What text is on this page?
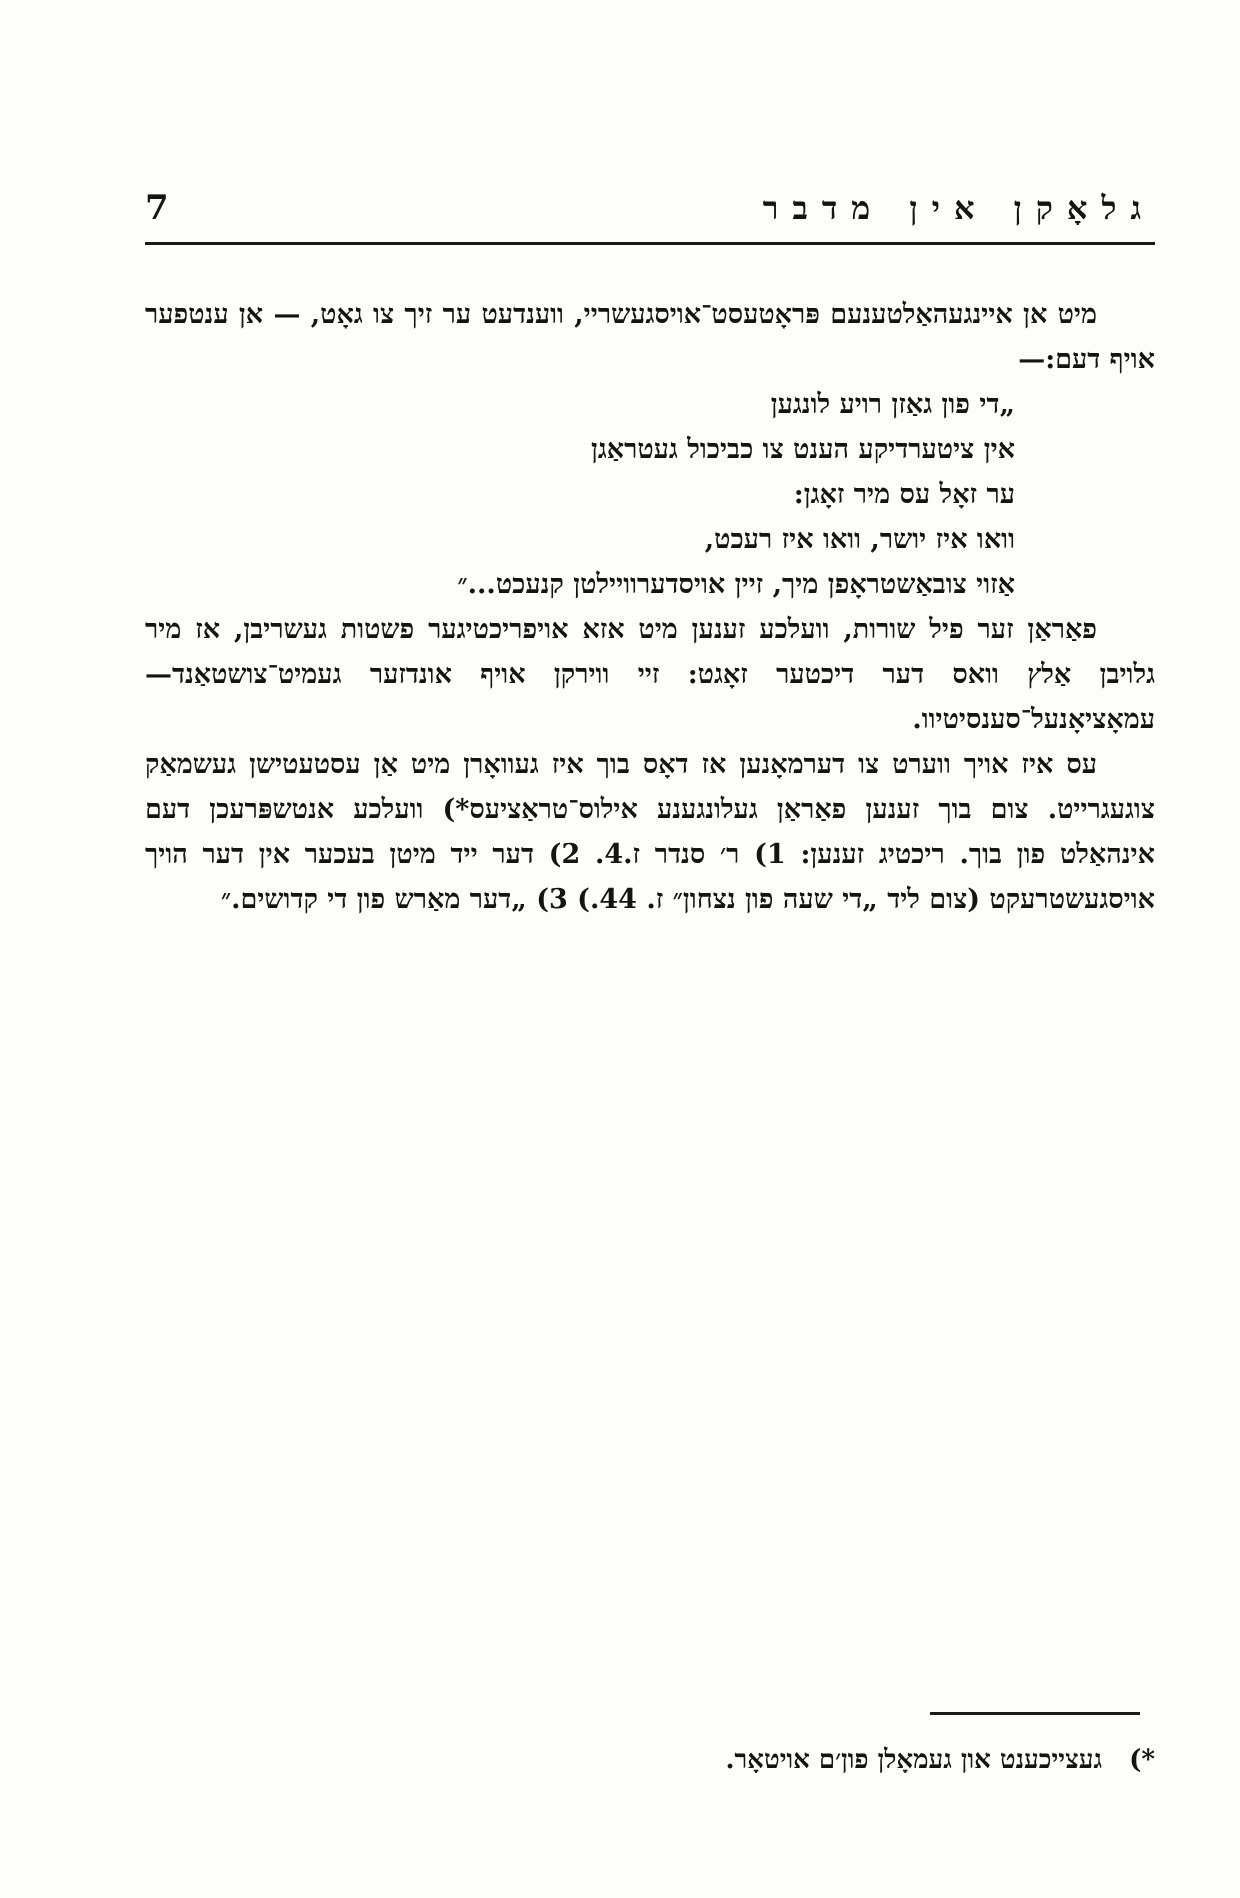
7	גלאָקן אין מדבר

מיט אן איינגעהאַלטענעם פּראָטעסט־אויסגעשריי, ווענדעט ער זיך צו גאָט, — אן ענטפער אויף דעם:—

„די פון גאַזן רויע לונגען
אין ציטערדיקע הענט צו כביכול געטראַגן
ער זאָל עס מיר זאָגן:
וואו איז יושר, וואו איז רעכט,
אַזוי צובאַשטראָפן מיך, זיין אויסדערוויילטן קנעכט...״

פאַראַן זער פיל שורות, וועלכע זענען מיט אזא אויפריכטיגער פשטות געשריבן, אז מיר גלויבן אַלץ וואס דער דיכטער זאָגט: זיי ווירקן אויף אונדזער געמיט־צושטאַנד—עמאָציאָנעל־סענסיטיוו.

עס איז אויך ווערט צו דערמאָנען אז דאָס בוך איז געוואָרן מיט אַן עסטעטישן געשמאַק צוגעגרייט. צום בוך זענען פאַראַן געלונגענע אילוס־טראַציעס*) וועלכע אנטשפּרעכן דעם אינהאַלט פון בוך. ריכטיג זענען: 1) ר׳ סנדר ז.4. 2) דער ייד מיטן בעכער אין דער הויך אויסגעשטרעקט (צום ליד „די שעה פון נצחון״ ז. 44.) 3) „דער מאַרש פון די קדושים.״

*) געצייכענט און געמאָלן פון׳ם אויטאָר.
